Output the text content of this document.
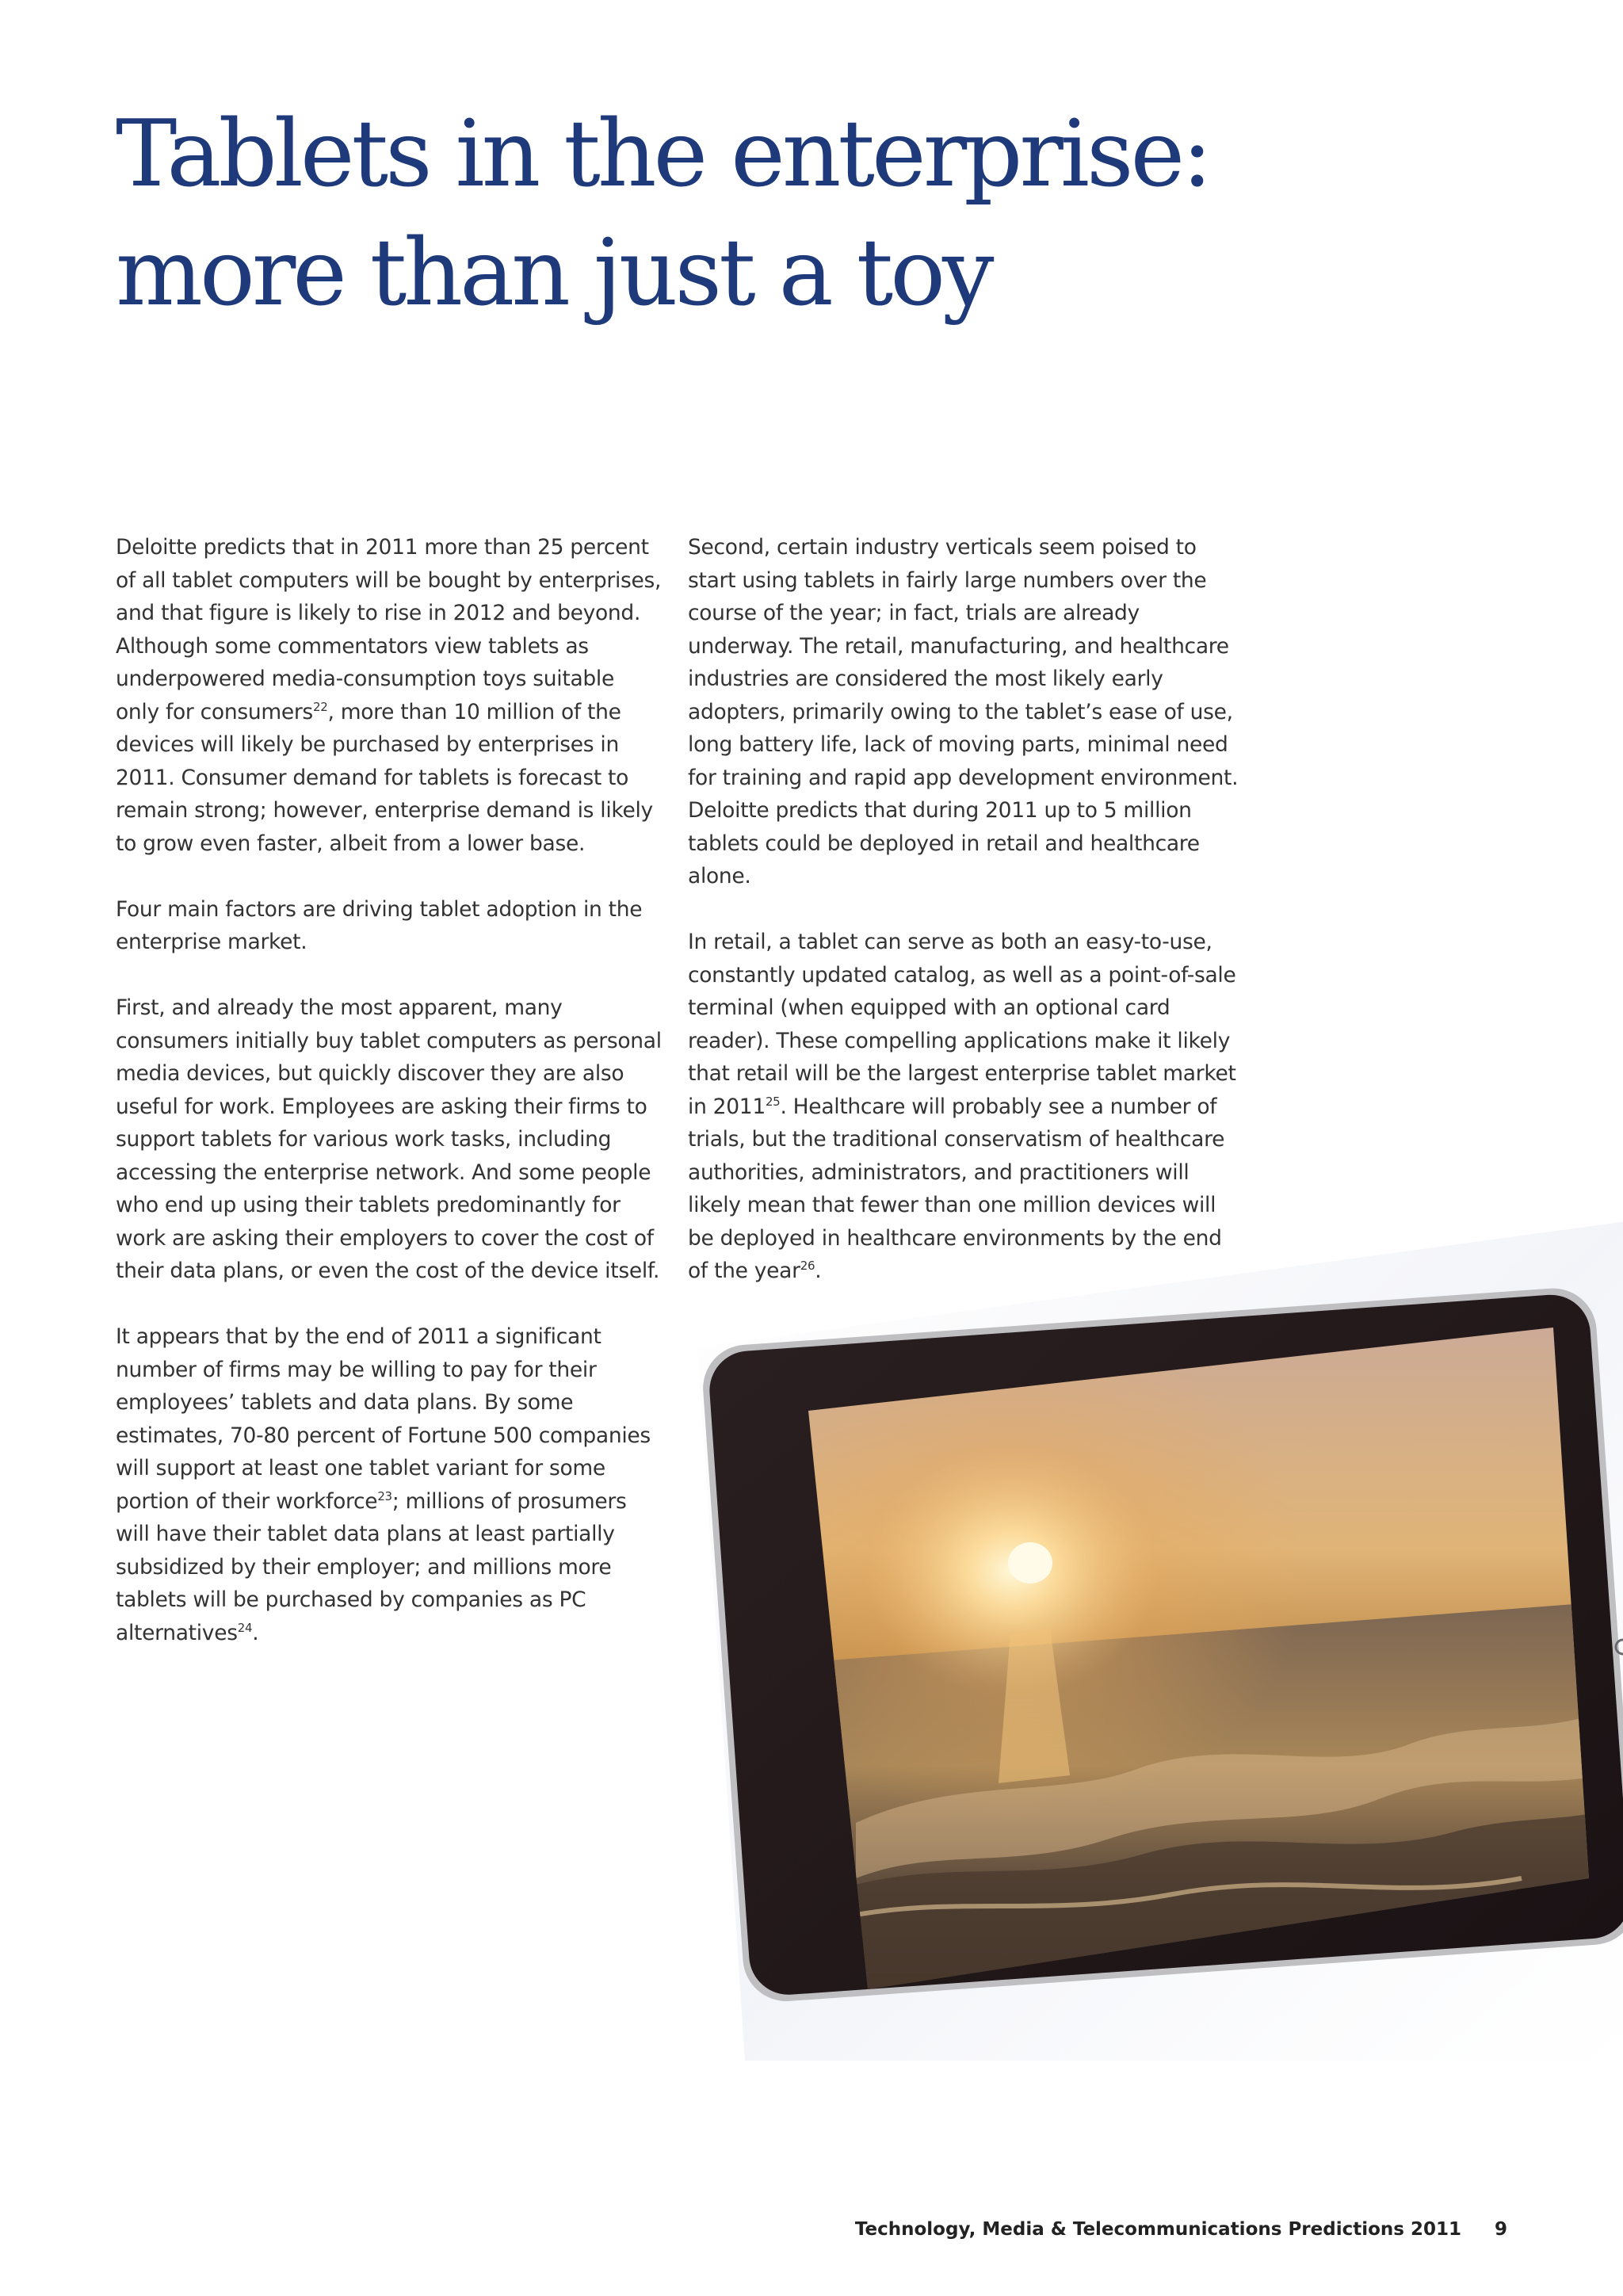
Tablets in the enterprise:
more than just a toy

Deloitte predicts that in 2011 more than 25 percent of all tablet computers will be bought by enterprises, and that figure is likely to rise in 2012 and beyond. Although some commentators view tablets as underpowered media-consumption toys suitable only for consumers$^{22}$, more than 10 million of the devices will likely be purchased by enterprises in 2011. Consumer demand for tablets is forecast to remain strong; however, enterprise demand is likely to grow even faster, albeit from a lower base.

Four main factors are driving tablet adoption in the enterprise market.

First, and already the most apparent, many consumers initially buy tablet computers as personal media devices, but quickly discover they are also useful for work. Employees are asking their firms to support tablets for various work tasks, including accessing the enterprise network. And some people who end up using their tablets predominantly for work are asking their employers to cover the cost of their data plans, or even the cost of the device itself.

It appears that by the end of 2011 a significant number of firms may be willing to pay for their employees’ tablets and data plans. By some estimates, 70-80 percent of Fortune 500 companies will support at least one tablet variant for some portion of their workforce$^{23}$; millions of prosumers will have their tablet data plans at least partially subsidized by their employer; and millions more tablets will be purchased by companies as PC alternatives$^{24}$.

Second, certain industry verticals seem poised to start using tablets in fairly large numbers over the course of the year; in fact, trials are already underway. The retail, manufacturing, and healthcare industries are considered the most likely early adopters, primarily owing to the tablet’s ease of use, long battery life, lack of moving parts, minimal need for training and rapid app development environment. Deloitte predicts that during 2011 up to 5 million tablets could be deployed in retail and healthcare alone.

In retail, a tablet can serve as both an easy-to-use, constantly updated catalog, as well as a point-of-sale terminal (when equipped with an optional card reader). These compelling applications make it likely that retail will be the largest enterprise tablet market in 2011$^{25}$. Healthcare will probably see a number of trials, but the traditional conservatism of healthcare authorities, administrators, and practitioners will likely mean that fewer than one million devices will be deployed in healthcare environments by the end of the year$^{26}$.

Technology, Media & Telecommunications Predictions 2011 9
